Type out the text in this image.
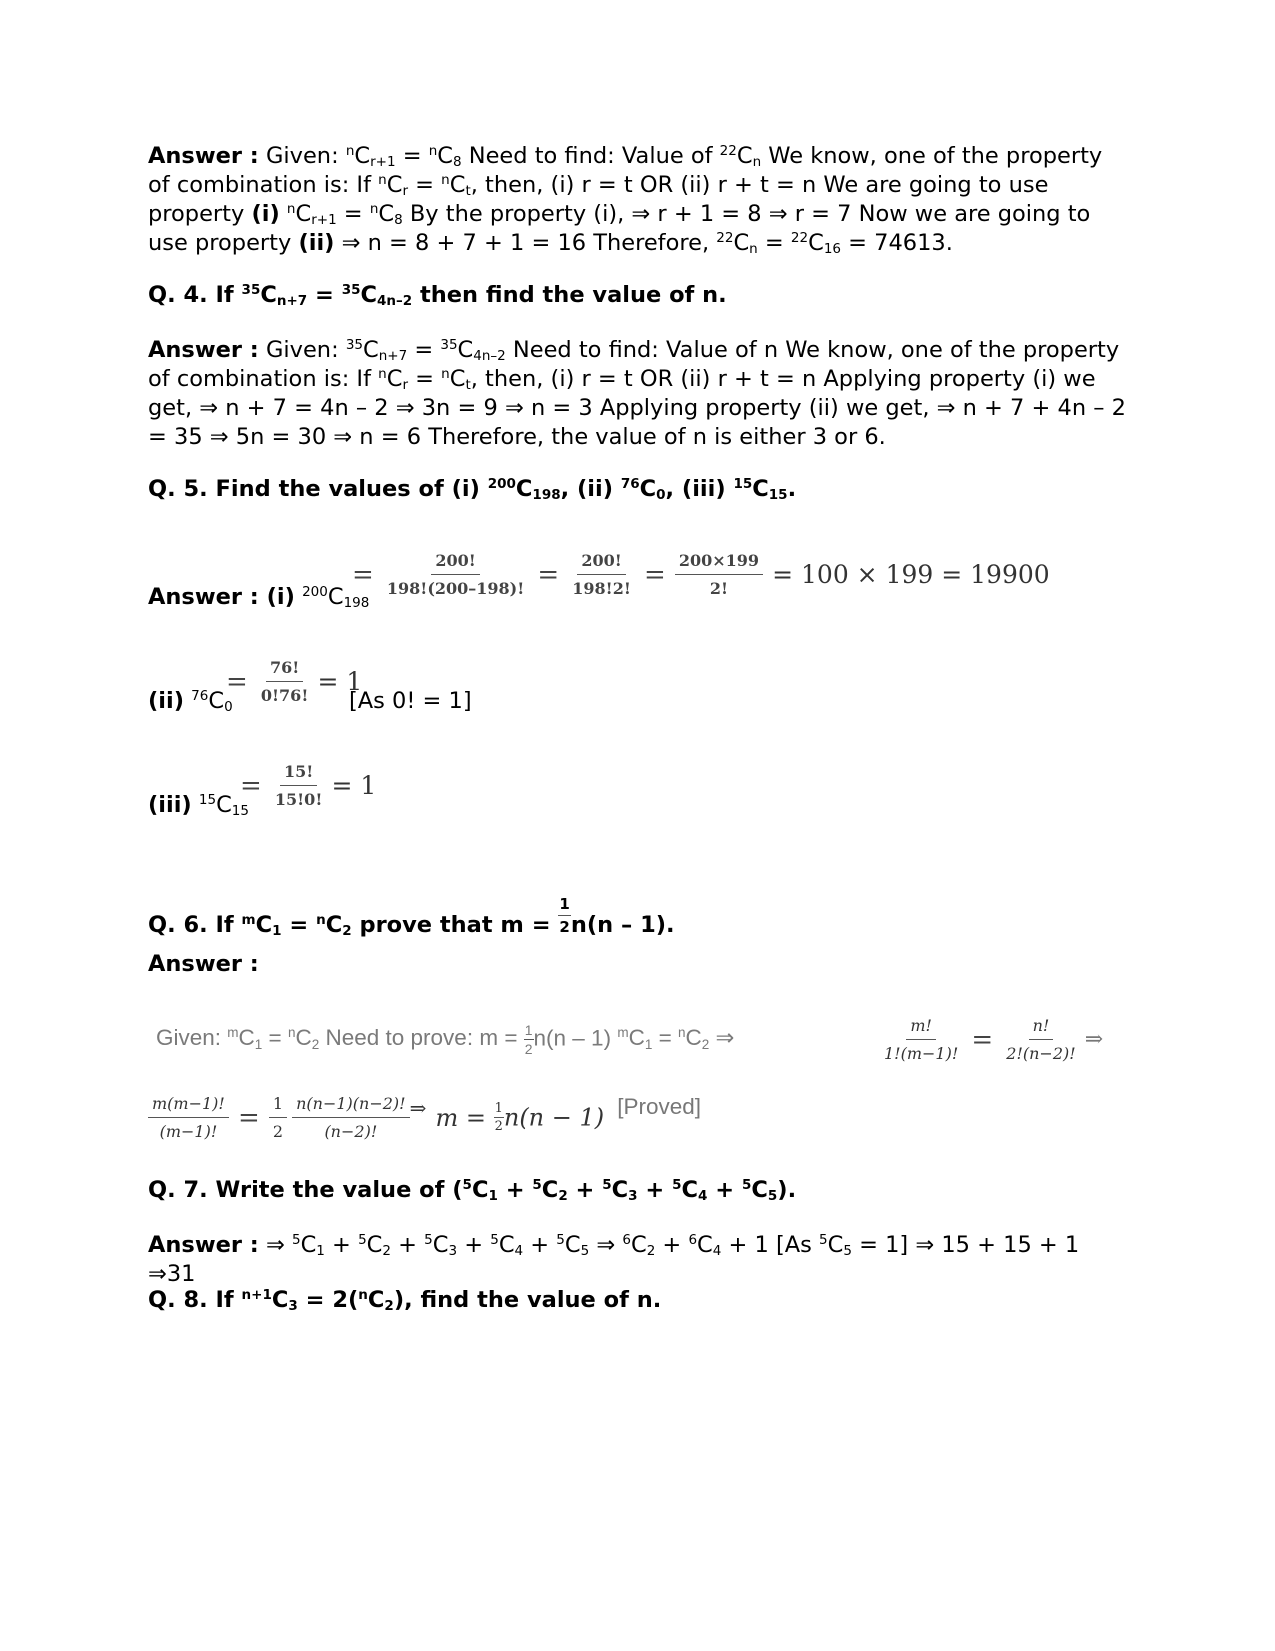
Answer : Given: $^nC_{r+1} = ^nC_8$ Need to find: Value of $^{22}C_n$ We know, one of the property of combination is: If $^nC_r = ^nC_t$, then, (i) r = t OR (ii) r + t = n We are going to use property (i) $^nC_{r+1} = ^nC_8$ By the property (i), ⇒ r + 1 = 8 ⇒ r = 7 Now we are going to use property (ii) ⇒ n = 8 + 7 + 1 = 16 Therefore, $^{22}C_n = ^{22}C_{16} = 74613$.

Q. 4. If $^{35}C_{n+7} = ^{35}C_{4n-2}$ then find the value of n.

Answer : Given: $^{35}C_{n+7} = ^{35}C_{4n-2}$ Need to find: Value of n We know, one of the property of combination is: If $^nC_r = ^nC_t$, then, (i) r = t OR (ii) r + t = n Applying property (i) we get, ⇒ n + 7 = 4n – 2 ⇒ 3n = 9 ⇒ n = 3 Applying property (ii) we get, ⇒ n + 7 + 4n – 2 = 35 ⇒ 5n = 30 ⇒ n = 6 Therefore, the value of n is either 3 or 6.

Q. 5. Find the values of (i) $^{200}C_{198}$, (ii) $^{76}C_0$, (iii) $^{15}C_{15}$.

Answer : (i) $^{200}C_{198}$
= $\frac{200!}{198!(200-198)!} = \frac{200!}{198!2!} = \frac{200\times 199}{2!} = 100 \times 199 = 19900$
(ii) $^{76}C_0$
= $\frac{76!}{0!76!} = 1$
[As 0! = 1]
(iii) $^{15}C_{15}$
= $\frac{15!}{15!0!} = 1$
Q. 6. If $^mC_1 = ^nC_2$ prove that $m = \frac{1}{2} n(n - 1)$.
Answer :
Given: $^mC_1 = ^nC_2$ Need to prove: $m = \frac{1}{2} n(n - 1) ^mC_1 = ^nC_2$ ⇒	$\frac{m!}{1!(m-1)!} = \frac{n!}{2!(n-2)!}$ ⇒
$\frac{m(m-1)!}{(m-1)!} = \frac{1}{2}$
$\frac{n(n-1)(n-2)!}{(n-2)!}$ ⇒ $m = \frac{1}{2} n(n - 1)$ [Proved]

Q. 7. Write the value of $(^5C_1 + ^5C_2 + ^5C_3 + ^5C_4 + ^5C_5)$.

Answer : ⇒ $^5C_1 + ^5C_2 + ^5C_3 + ^5C_4 + ^5C_5$ ⇒ $^6C_2 + ^6C_4 + 1$ [As $^5C_5 = 1$] ⇒ 15 + 15 + 1 ⇒31

Q. 8. If $^{n+1}C_3 = 2(^nC_2)$, find the value of n.
